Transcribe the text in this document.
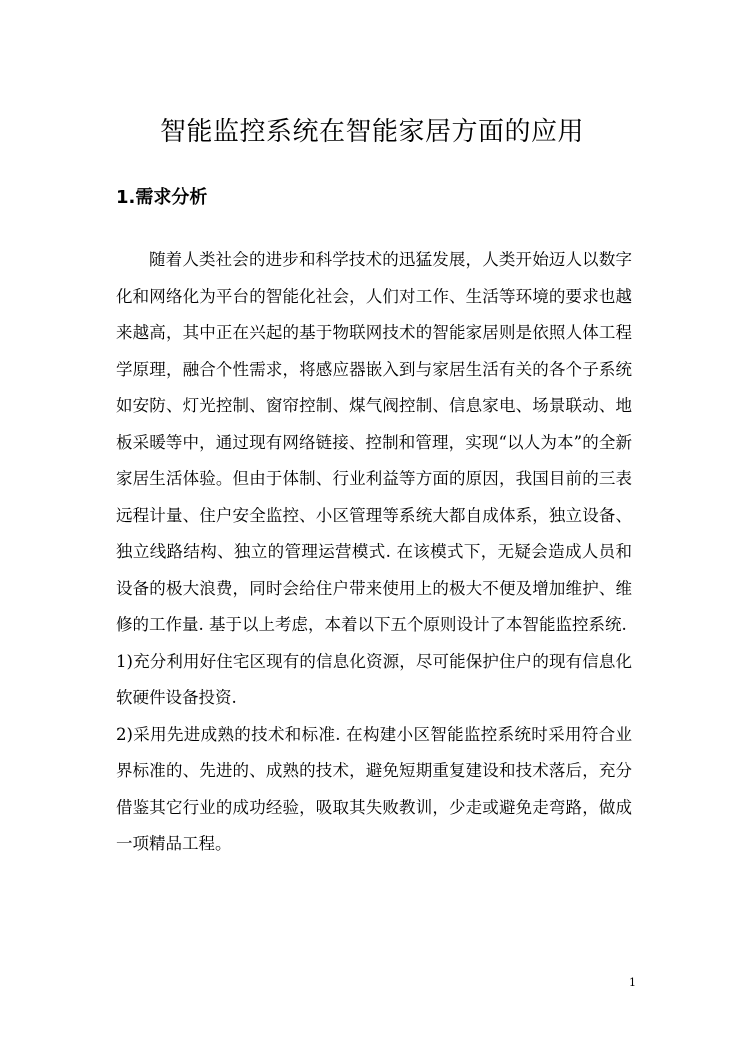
智能监控系统在智能家居方面的应用
1.需求分析

随着人类社会的进步和科学技术的迅猛发展，人类开始迈人以数字化和网络化为平台的智能化社会，人们对工作、生活等环境的要求也越来越高，其中正在兴起的基于物联网技术的智能家居则是依照人体工程学原理，融合个性需求，将感应器嵌入到与家居生活有关的各个子系统如安防、灯光控制、窗帘控制、煤气阀控制、信息家电、场景联动、地板采暖等中，通过现有网络链接、控制和管理，实现“以人为本”的全新家居生活体验。但由于体制、行业利益等方面的原因，我国目前的三表远程计量、住户安全监控、小区管理等系统大都自成体系，独立设备、独立线路结构、独立的管理运营模式. 在该模式下，无疑会造成人员和设备的极大浪费，同时会给住户带来使用上的极大不便及增加维护、维修的工作量. 基于以上考虑，本着以下五个原则设计了本智能监控系统.

1)充分利用好住宅区现有的信息化资源，尽可能保护住户的现有信息化软硬件设备投资.

2)采用先进成熟的技术和标准. 在构建小区智能监控系统时采用符合业界标准的、先进的、成熟的技术，避免短期重复建设和技术落后，充分借鉴其它行业的成功经验，吸取其失败教训，少走或避免走弯路，做成一项精品工程。

1
